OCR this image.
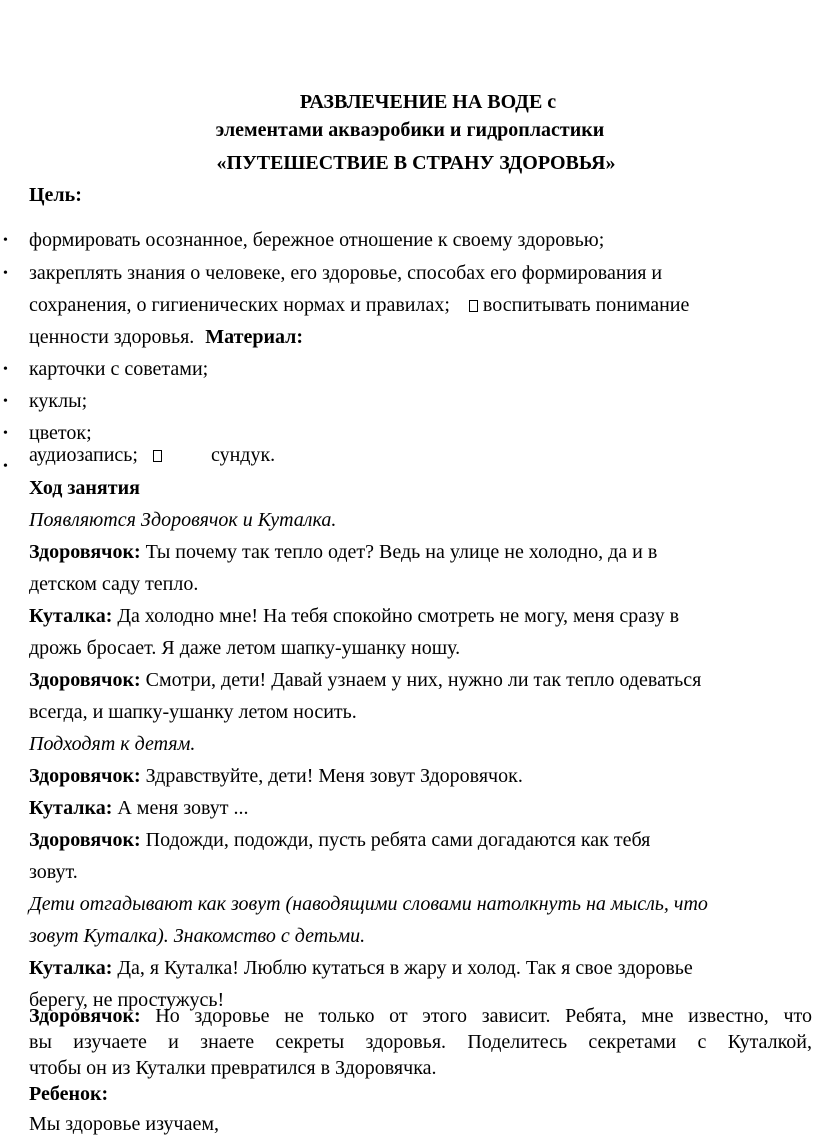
РАЗВЛЕЧЕНИЕ НА ВОДЕ с
элементами акваэробики и гидропластики
«ПУТЕШЕСТВИЕ В СТРАНУ ЗДОРОВЬЯ»
Цель:
• формировать осознанное, бережное отношение к своему здоровью;
• закреплять знания о человеке, его здоровье, способах его формирования и
сохранения, о гигиенических нормах и правилах; воспитывать понимание
ценности здоровья. Материал:
• карточки с советами;
• куклы;
• цветок;
•
аудиозапись;	сундук.
Ход занятия
Появляются Здоровячок и Куталка.
Здоровячок: Ты почему так тепло одет? Ведь на улице не холодно, да и в
детском саду тепло.
Куталка: Да холодно мне! На тебя спокойно смотреть не могу, меня сразу в
дрожь бросает. Я даже летом шапку-ушанку ношу.
Здоровячок: Смотри, дети! Давай узнаем у них, нужно ли так тепло одеваться
всегда, и шапку-ушанку летом носить.
Подходят к детям.
Здоровячок: Здравствуйте, дети! Меня зовут Здоровячок.
Куталка: А меня зовут ...
Здоровячок: Подожди, подожди, пусть ребята сами догадаются как тебя
зовут.
Дети отгадывают как зовут (наводящими словами натолкнуть на мысль, что
зовут Куталка). Знакомство с детьми.
Куталка: Да, я Куталка! Люблю кутаться в жару и холод. Так я свое здоровье
берегу, не простужусь!
Здоровячок: Но здоровье не только от этого зависит. Ребята, мне известно, что
вы изучаете и знаете секреты здоровья. Поделитесь секретами с Куталкой,
чтобы он из Куталки превратился в Здоровячка.
Ребенок:
Мы здоровье изучаем,
